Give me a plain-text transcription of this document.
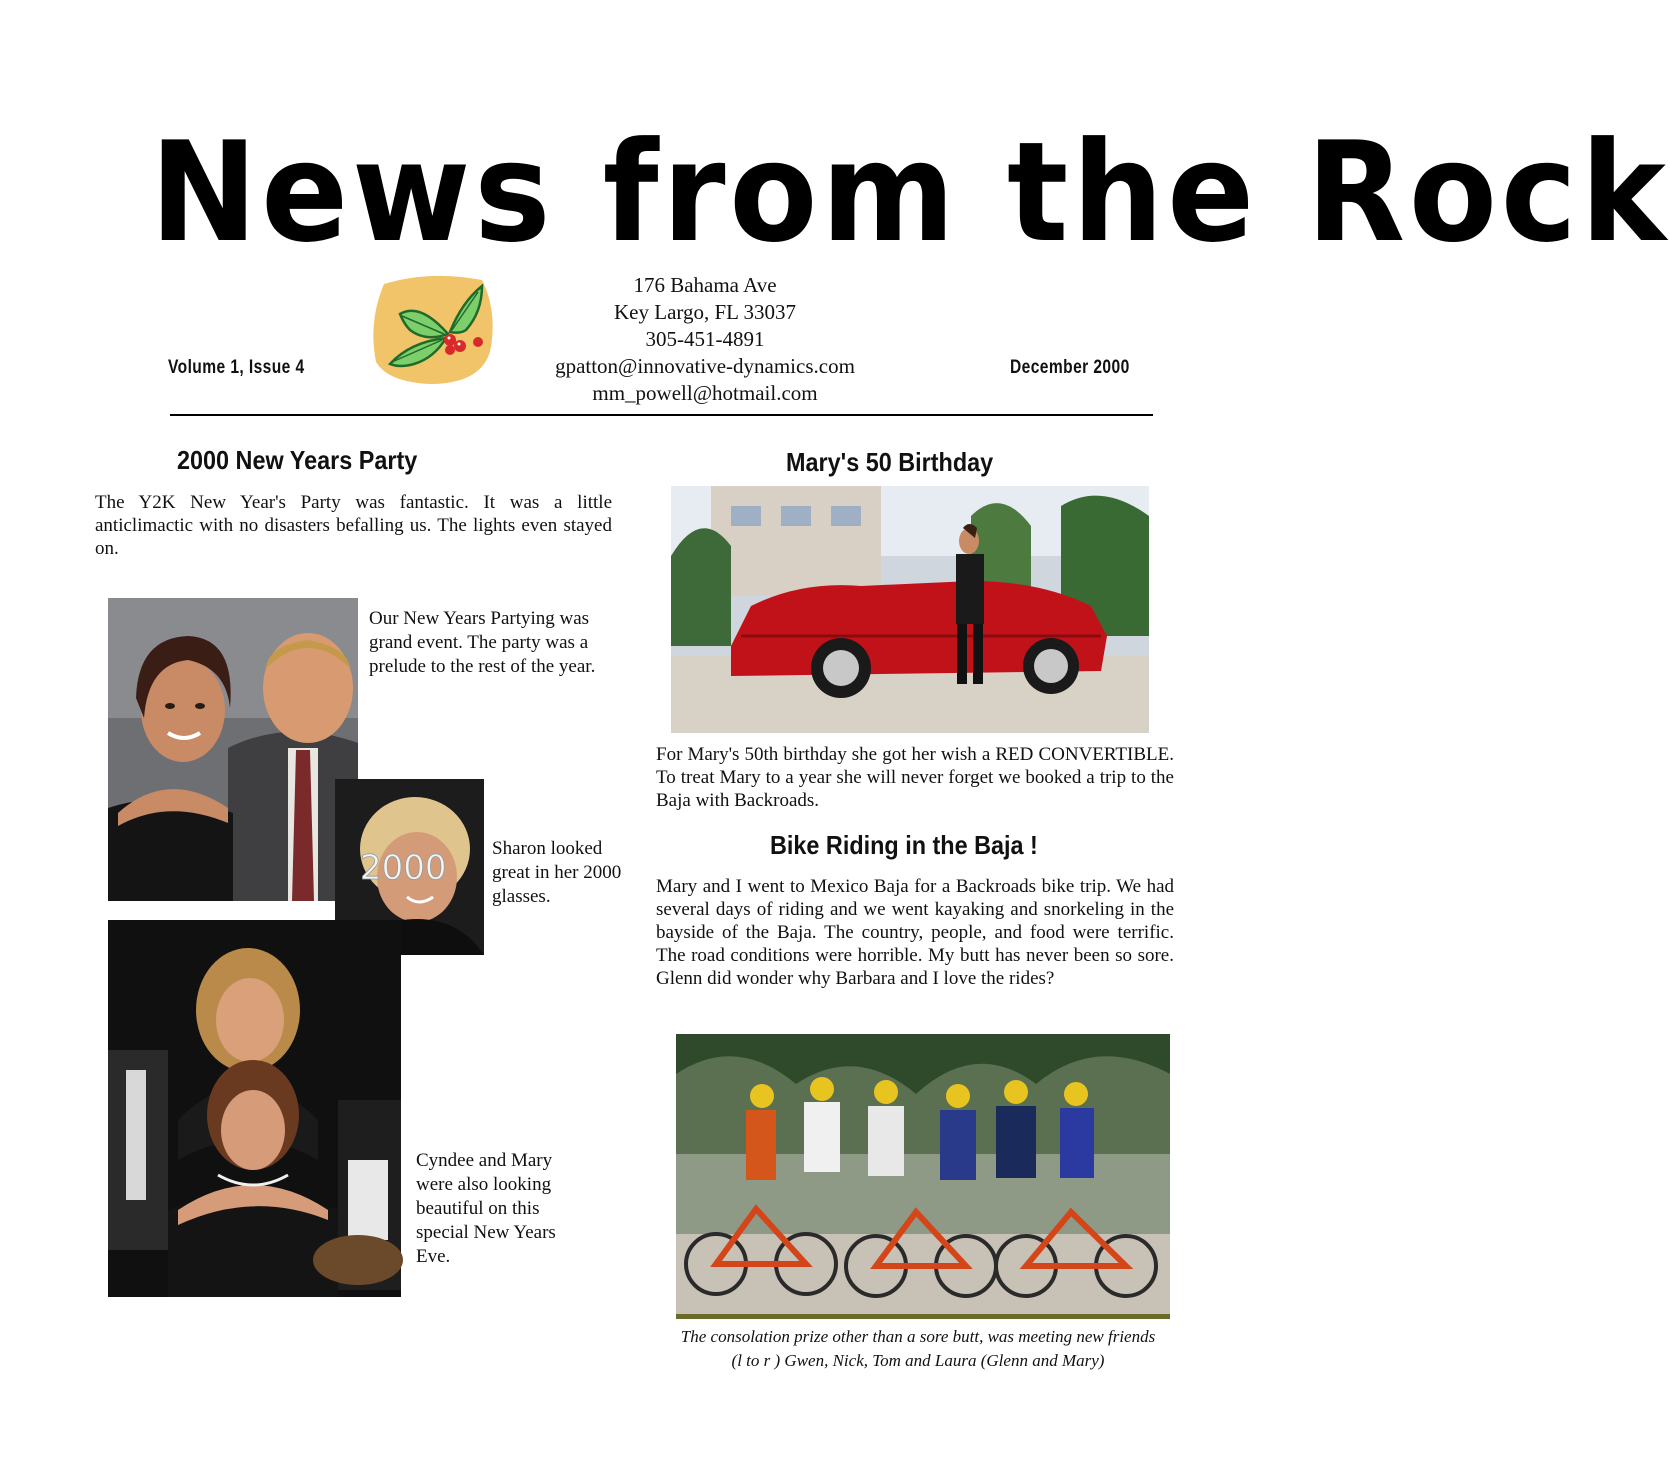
News from the Rock
Volume 1, Issue 4	December 2000
176 Bahama Ave
Key Largo, FL 33037
305-451-4891
gpatton@innovative-dynamics.com
mm_powell@hotmail.com
2000 New Years Party
The Y2K New Year's Party was fantastic. It was a little anticlimactic with no disasters befalling us. The lights even stayed on.
Our New Years Partying was grand event. The party was a prelude to the rest of the year.
2000 Sharon looked great in her 2000 glasses.
Cyndee and Mary were also looking beautiful on this special New Years Eve.
Mary's 50 Birthday
For Mary's 50th birthday she got her wish a RED CONVERTIBLE. To treat Mary to a year she will never forget we booked a trip to the Baja with Backroads.
Bike Riding in the Baja !
Mary and I went to Mexico Baja for a Backroads bike trip. We had several days of riding and we went kayaking and snorkeling in the bayside of the Baja. The country, people, and food were terrific. The road conditions were horrible. My butt has never been so sore. Glenn did wonder why Barbara and I love the rides?
The consolation prize other than a sore butt, was meeting new friends
(l to r ) Gwen, Nick, Tom and Laura (Glenn and Mary)
